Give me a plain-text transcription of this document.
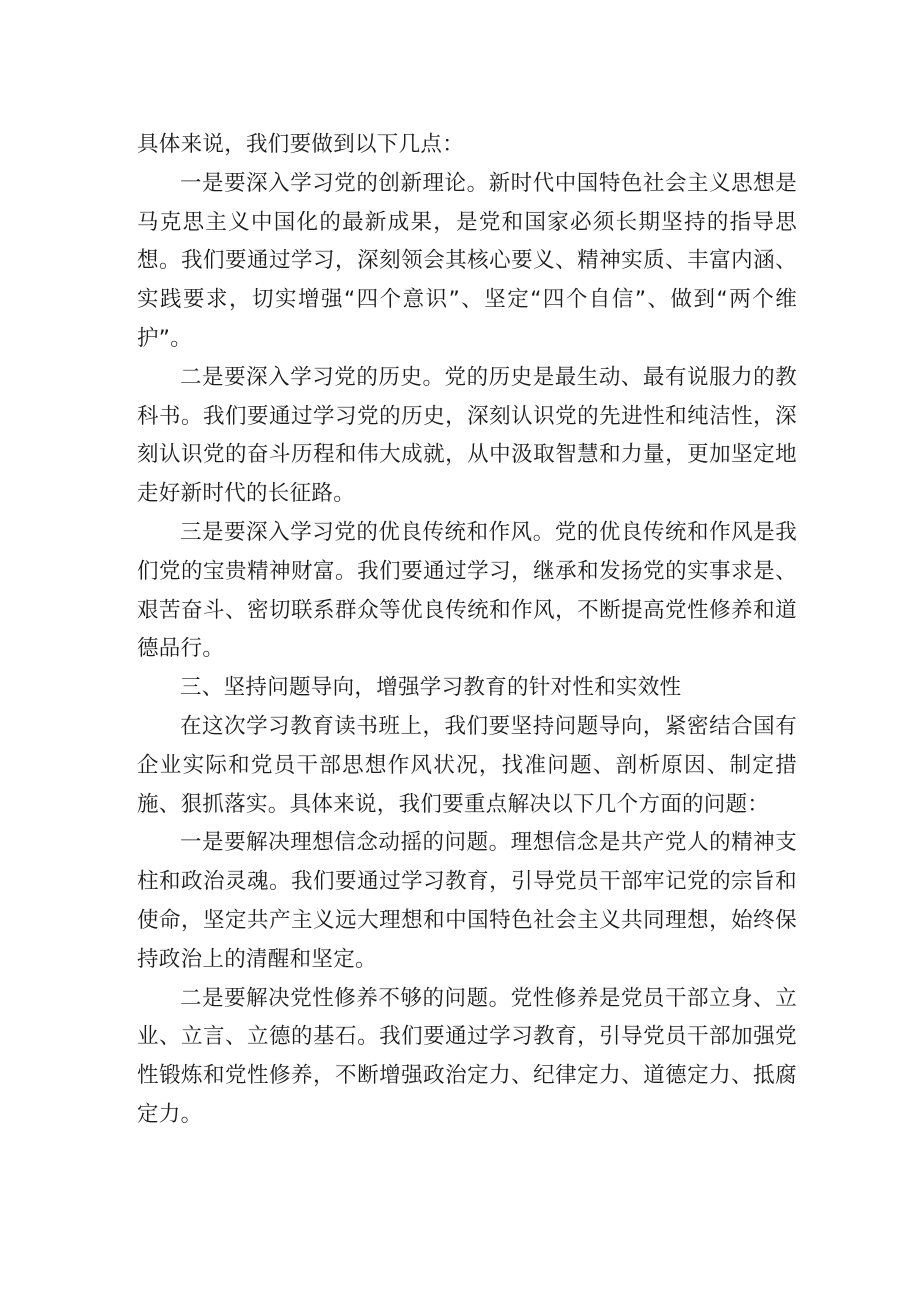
具体来说，我们要做到以下几点：

一是要深入学习党的创新理论。新时代中国特色社会主义思想是马克思主义中国化的最新成果，是党和国家必须长期坚持的指导思想。我们要通过学习，深刻领会其核心要义、精神实质、丰富内涵、实践要求，切实增强“四个意识”、坚定“四个自信”、做到“两个维护”。

二是要深入学习党的历史。党的历史是最生动、最有说服力的教科书。我们要通过学习党的历史，深刻认识党的先进性和纯洁性，深刻认识党的奋斗历程和伟大成就，从中汲取智慧和力量，更加坚定地走好新时代的长征路。

三是要深入学习党的优良传统和作风。党的优良传统和作风是我们党的宝贵精神财富。我们要通过学习，继承和发扬党的实事求是、艰苦奋斗、密切联系群众等优良传统和作风，不断提高党性修养和道德品行。

三、坚持问题导向，增强学习教育的针对性和实效性

在这次学习教育读书班上，我们要坚持问题导向，紧密结合国有企业实际和党员干部思想作风状况，找准问题、剖析原因、制定措施、狠抓落实。具体来说，我们要重点解决以下几个方面的问题：

一是要解决理想信念动摇的问题。理想信念是共产党人的精神支柱和政治灵魂。我们要通过学习教育，引导党员干部牢记党的宗旨和使命，坚定共产主义远大理想和中国特色社会主义共同理想，始终保持政治上的清醒和坚定。

二是要解决党性修养不够的问题。党性修养是党员干部立身、立业、立言、立德的基石。我们要通过学习教育，引导党员干部加强党性锻炼和党性修养，不断增强政治定力、纪律定力、道德定力、抵腐定力。
